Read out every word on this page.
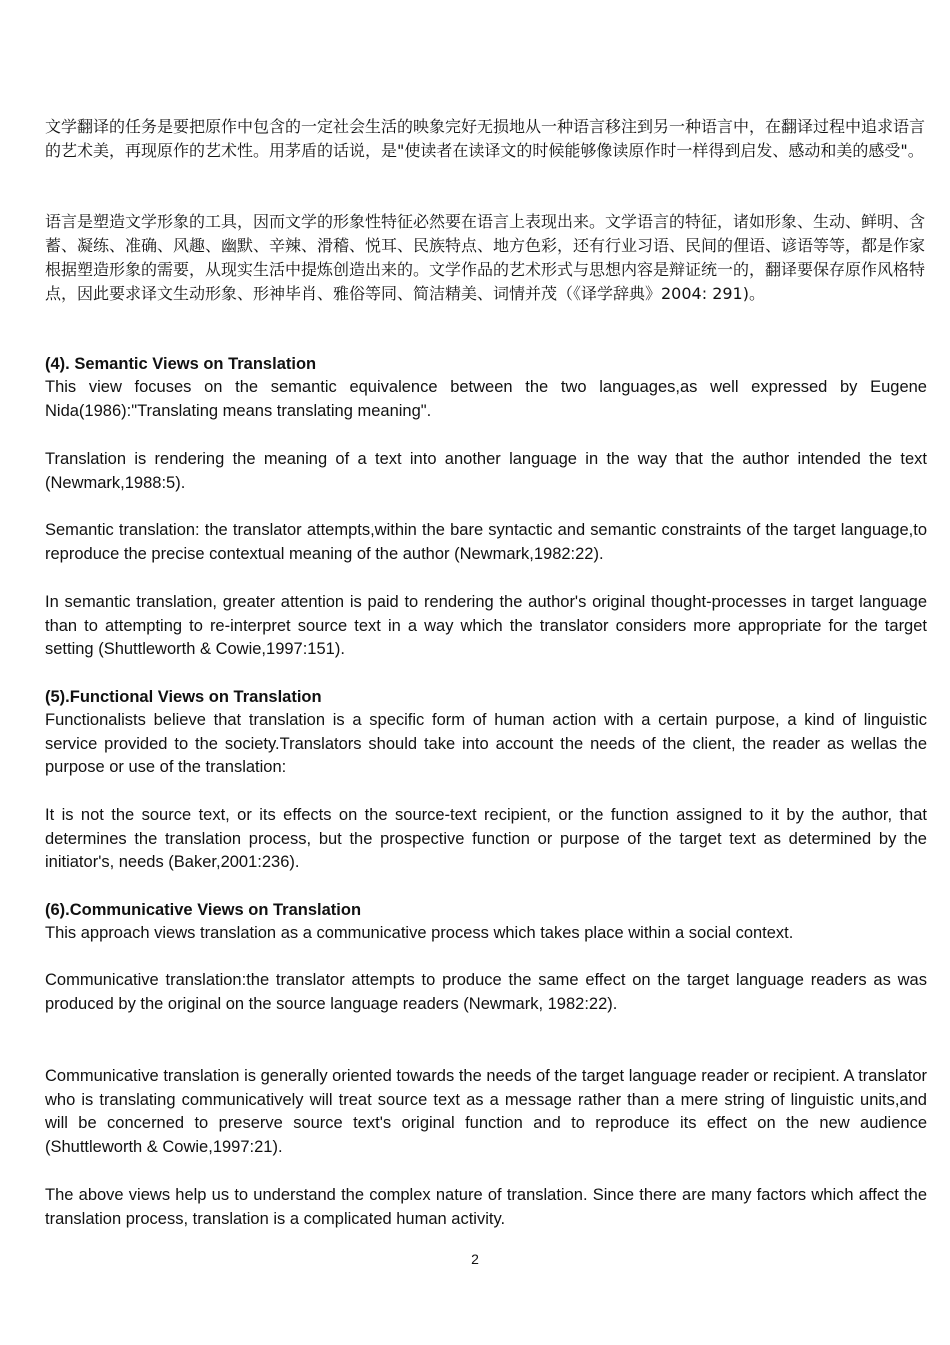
文学翻译的任务是要把原作中包含的一定社会生活的映象完好无损地从一种语言移注到另一种语言中，在翻译过程中追求语言的艺术美，再现原作的艺术性。用茅盾的话说，是"使读者在读译文的时候能够像读原作时一样得到启发、感动和美的感受"。

语言是塑造文学形象的工具，因而文学的形象性特征必然要在语言上表现出来。文学语言的特征，诸如形象、生动、鲜明、含蓄、凝练、准确、风趣、幽默、辛辣、滑稽、悦耳、民族特点、地方色彩，还有行业习语、民间的俚语、谚语等等，都是作家根据塑造形象的需要，从现实生活中提炼创造出来的。文学作品的艺术形式与思想内容是辩证统一的，翻译要保存原作风格特点，因此要求译文生动形象、形神毕肖、雅俗等同、简洁精美、词情并茂（《译学辞典》2004: 291)。

(4). Semantic Views on Translation

This view focuses on the semantic equivalence between the two languages,as well expressed by Eugene Nida(1986):"Translating means translating meaning".

Translation is rendering the meaning of a text into another language in the way that the author intended the text (Newmark,1988:5).

Semantic translation: the translator attempts,within the bare syntactic and semantic constraints of the target language,to reproduce the precise contextual meaning of the author (Newmark,1982:22).

In semantic translation, greater attention is paid to rendering the author's original thought-processes in target language than to attempting to re-interpret source text in a way which the translator considers more appropriate for the target setting (Shuttleworth & Cowie,1997:151).

(5).Functional Views on Translation

Functionalists believe that translation is a specific form of human action with a certain purpose, a kind of linguistic service provided to the society.Translators should take into account the needs of the client, the reader as wellas the purpose or use of the translation:

It is not the source text, or its effects on the source-text recipient, or the function assigned to it by the author, that determines the translation process, but the prospective function or purpose of the target text as determined by the initiator's, needs (Baker,2001:236).

(6).Communicative Views on Translation

This approach views translation as a communicative process which takes place within a social context.

Communicative translation:the translator attempts to produce the same effect on the target language readers as was produced by the original on the source language readers (Newmark, 1982:22).

Communicative translation is generally oriented towards the needs of the target language reader or recipient. A translator who is translating communicatively will treat source text as a message rather than a mere string of linguistic units,and will be concerned to preserve source text's original function and to reproduce its effect on the new audience (Shuttleworth & Cowie,1997:21).

The above views help us to understand the complex nature of translation. Since there are many factors which affect the translation process, translation is a complicated human activity.

2
